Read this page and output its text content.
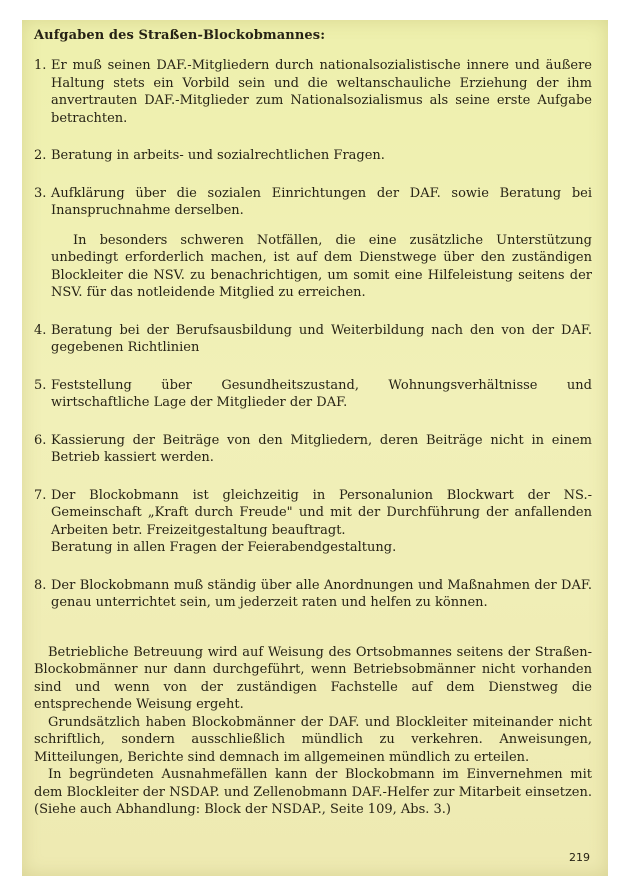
Aufgaben des Straßen-Blockobmannes:
1. Er muß seinen DAF.-Mitgliedern durch nationalsozialistische innere und äußere Haltung stets ein Vorbild sein und die weltanschauliche Erziehung der ihm anvertrauten DAF.-Mitglieder zum Nationalsozialismus als seine erste Aufgabe betrachten.

2. Beratung in arbeits- und sozialrechtlichen Fragen.

3. Aufklärung über die sozialen Einrichtungen der DAF. sowie Beratung bei Inanspruchnahme derselben.

In besonders schweren Notfällen, die eine zusätzliche Unterstützung unbedingt erforderlich machen, ist auf dem Dienstwege über den zuständigen Blockleiter die NSV. zu benachrichtigen, um somit eine Hilfeleistung seitens der NSV. für das notleidende Mitglied zu erreichen.

4. Beratung bei der Berufsausbildung und Weiterbildung nach den von der DAF. gegebenen Richtlinien

5. Feststellung über Gesundheitszustand, Wohnungsverhältnisse und wirtschaftliche Lage der Mitglieder der DAF.

6. Kassierung der Beiträge von den Mitgliedern, deren Beiträge nicht in einem Betrieb kassiert werden.

7. Der Blockobmann ist gleichzeitig in Personalunion Blockwart der NS.-Gemeinschaft „Kraft durch Freude" und mit der Durchführung der anfallenden Arbeiten betr. Freizeitgestaltung beauftragt.

Beratung in allen Fragen der Feierabendgestaltung.

8. Der Blockobmann muß ständig über alle Anordnungen und Maßnahmen der DAF. genau unterrichtet sein, um jederzeit raten und helfen zu können.

Betriebliche Betreuung wird auf Weisung des Ortsobmannes seitens der Straßen-Blockobmänner nur dann durchgeführt, wenn Betriebsobmänner nicht vorhanden sind und wenn von der zuständigen Fachstelle auf dem Dienstweg die entsprechende Weisung ergeht.

Grundsätzlich haben Blockobmänner der DAF. und Blockleiter miteinander nicht schriftlich, sondern ausschließlich mündlich zu verkehren. Anweisungen, Mitteilungen, Berichte sind demnach im allgemeinen mündlich zu erteilen.

In begründeten Ausnahmefällen kann der Blockobmann im Einvernehmen mit dem Blockleiter der NSDAP. und Zellenobmann DAF.-Helfer zur Mitarbeit einsetzen. (Siehe auch Abhandlung: Block der NSDAP., Seite 109, Abs. 3.)

219
